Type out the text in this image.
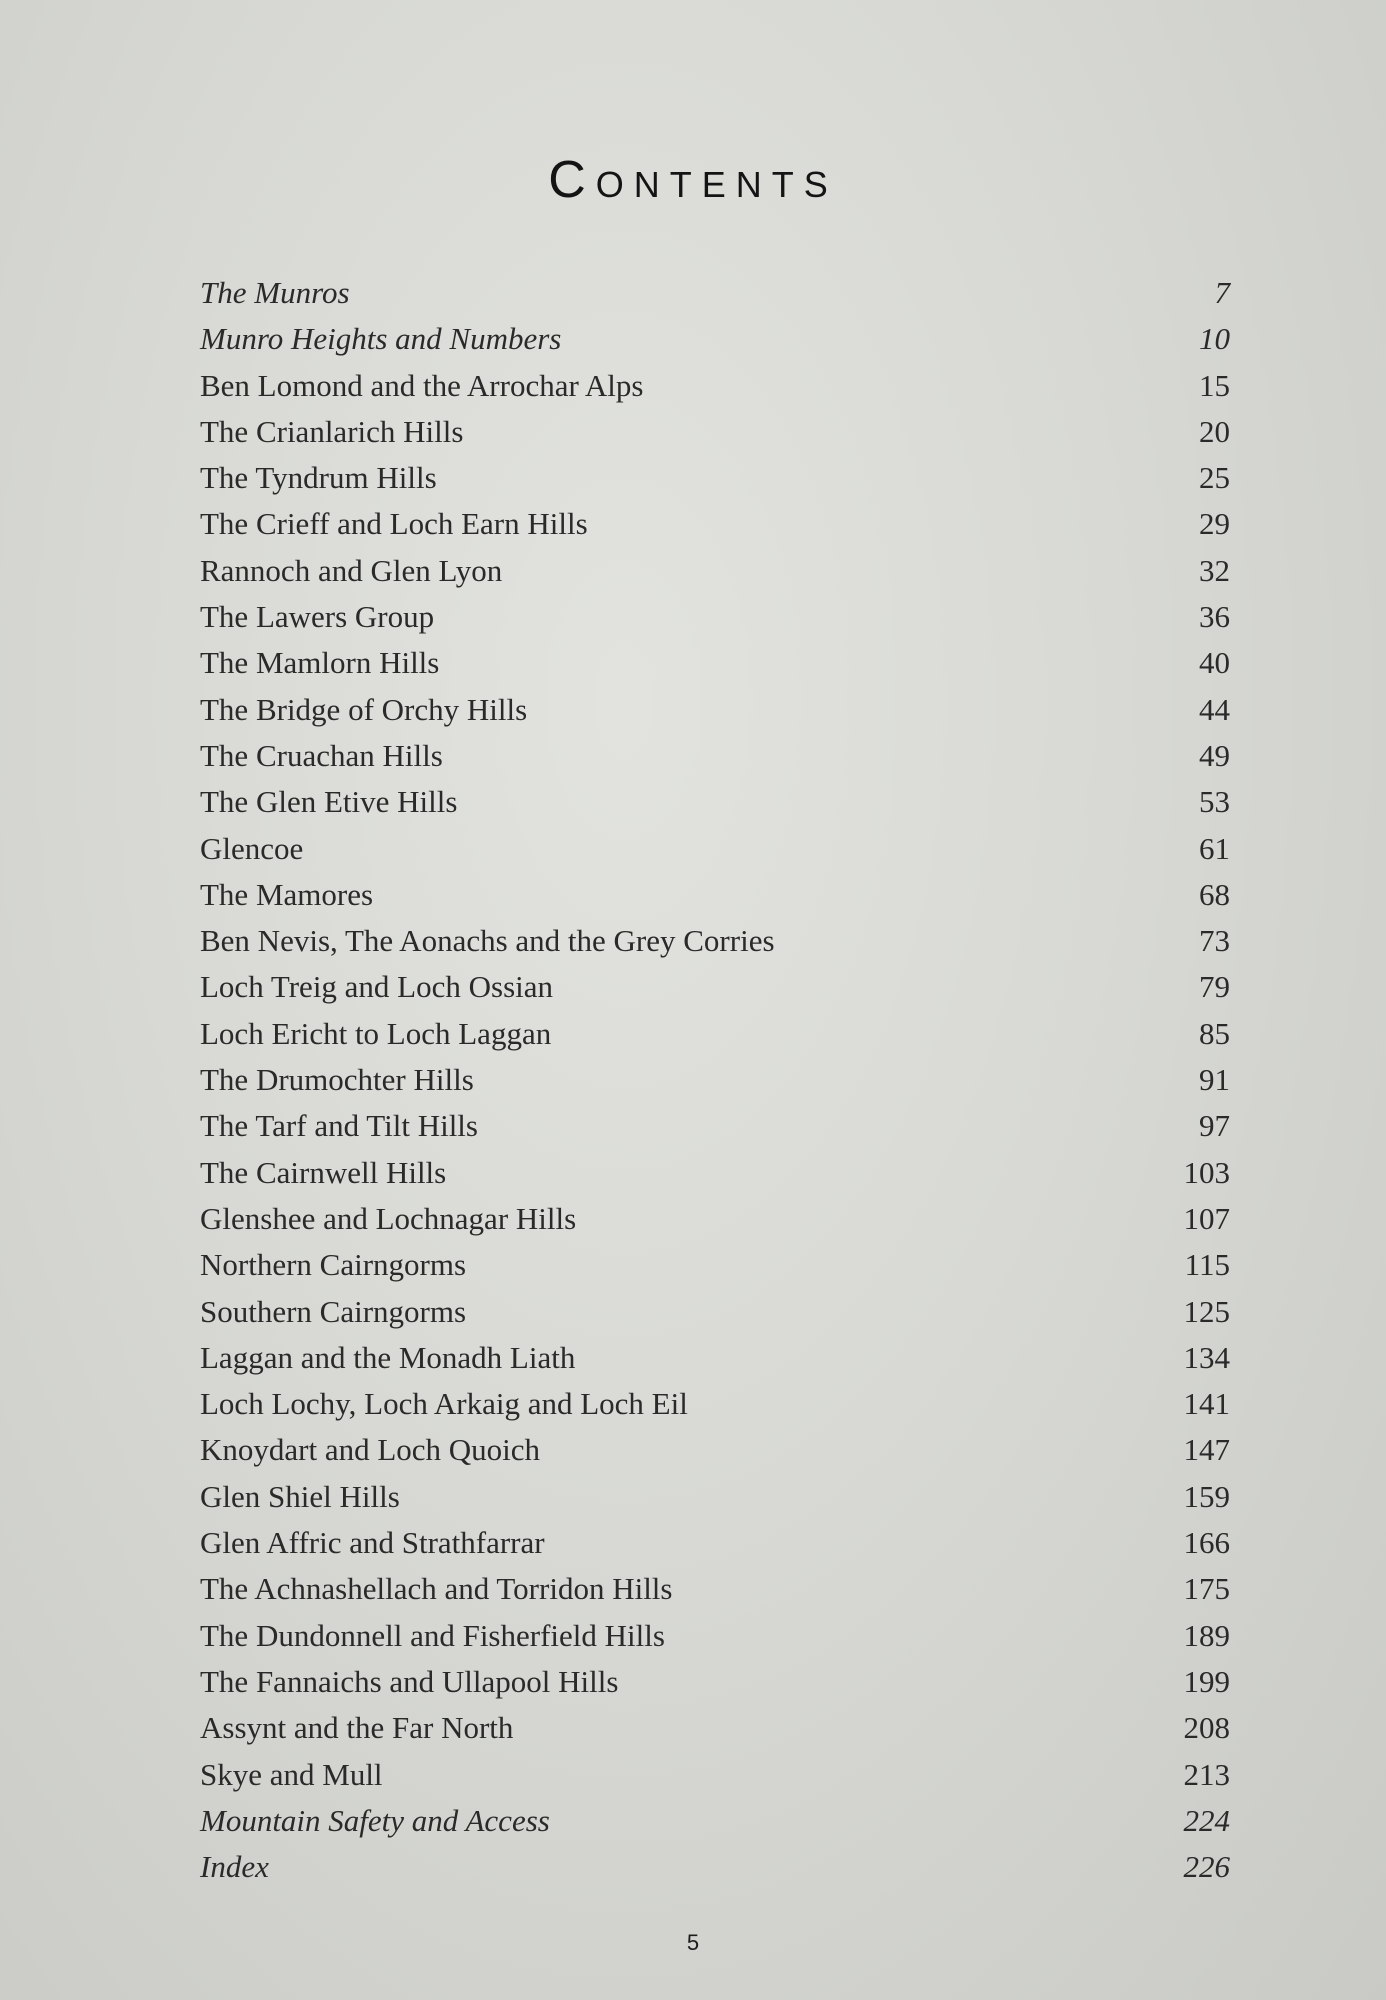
Contents
The Munros	7
Munro Heights and Numbers	10
Ben Lomond and the Arrochar Alps	15
The Crianlarich Hills	20
The Tyndrum Hills	25
The Crieff and Loch Earn Hills	29
Rannoch and Glen Lyon	32
The Lawers Group	36
The Mamlorn Hills	40
The Bridge of Orchy Hills	44
The Cruachan Hills	49
The Glen Etive Hills	53
Glencoe	61
The Mamores	68
Ben Nevis, The Aonachs and the Grey Corries	73
Loch Treig and Loch Ossian	79
Loch Ericht to Loch Laggan	85
The Drumochter Hills	91
The Tarf and Tilt Hills	97
The Cairnwell Hills	103
Glenshee and Lochnagar Hills	107
Northern Cairngorms	115
Southern Cairngorms	125
Laggan and the Monadh Liath	134
Loch Lochy, Loch Arkaig and Loch Eil	141
Knoydart and Loch Quoich	147
Glen Shiel Hills	159
Glen Affric and Strathfarrar	166
The Achnashellach and Torridon Hills	175
The Dundonnell and Fisherfield Hills	189
The Fannaichs and Ullapool Hills	199
Assynt and the Far North	208
Skye and Mull	213
Mountain Safety and Access	224
Index	226
5
